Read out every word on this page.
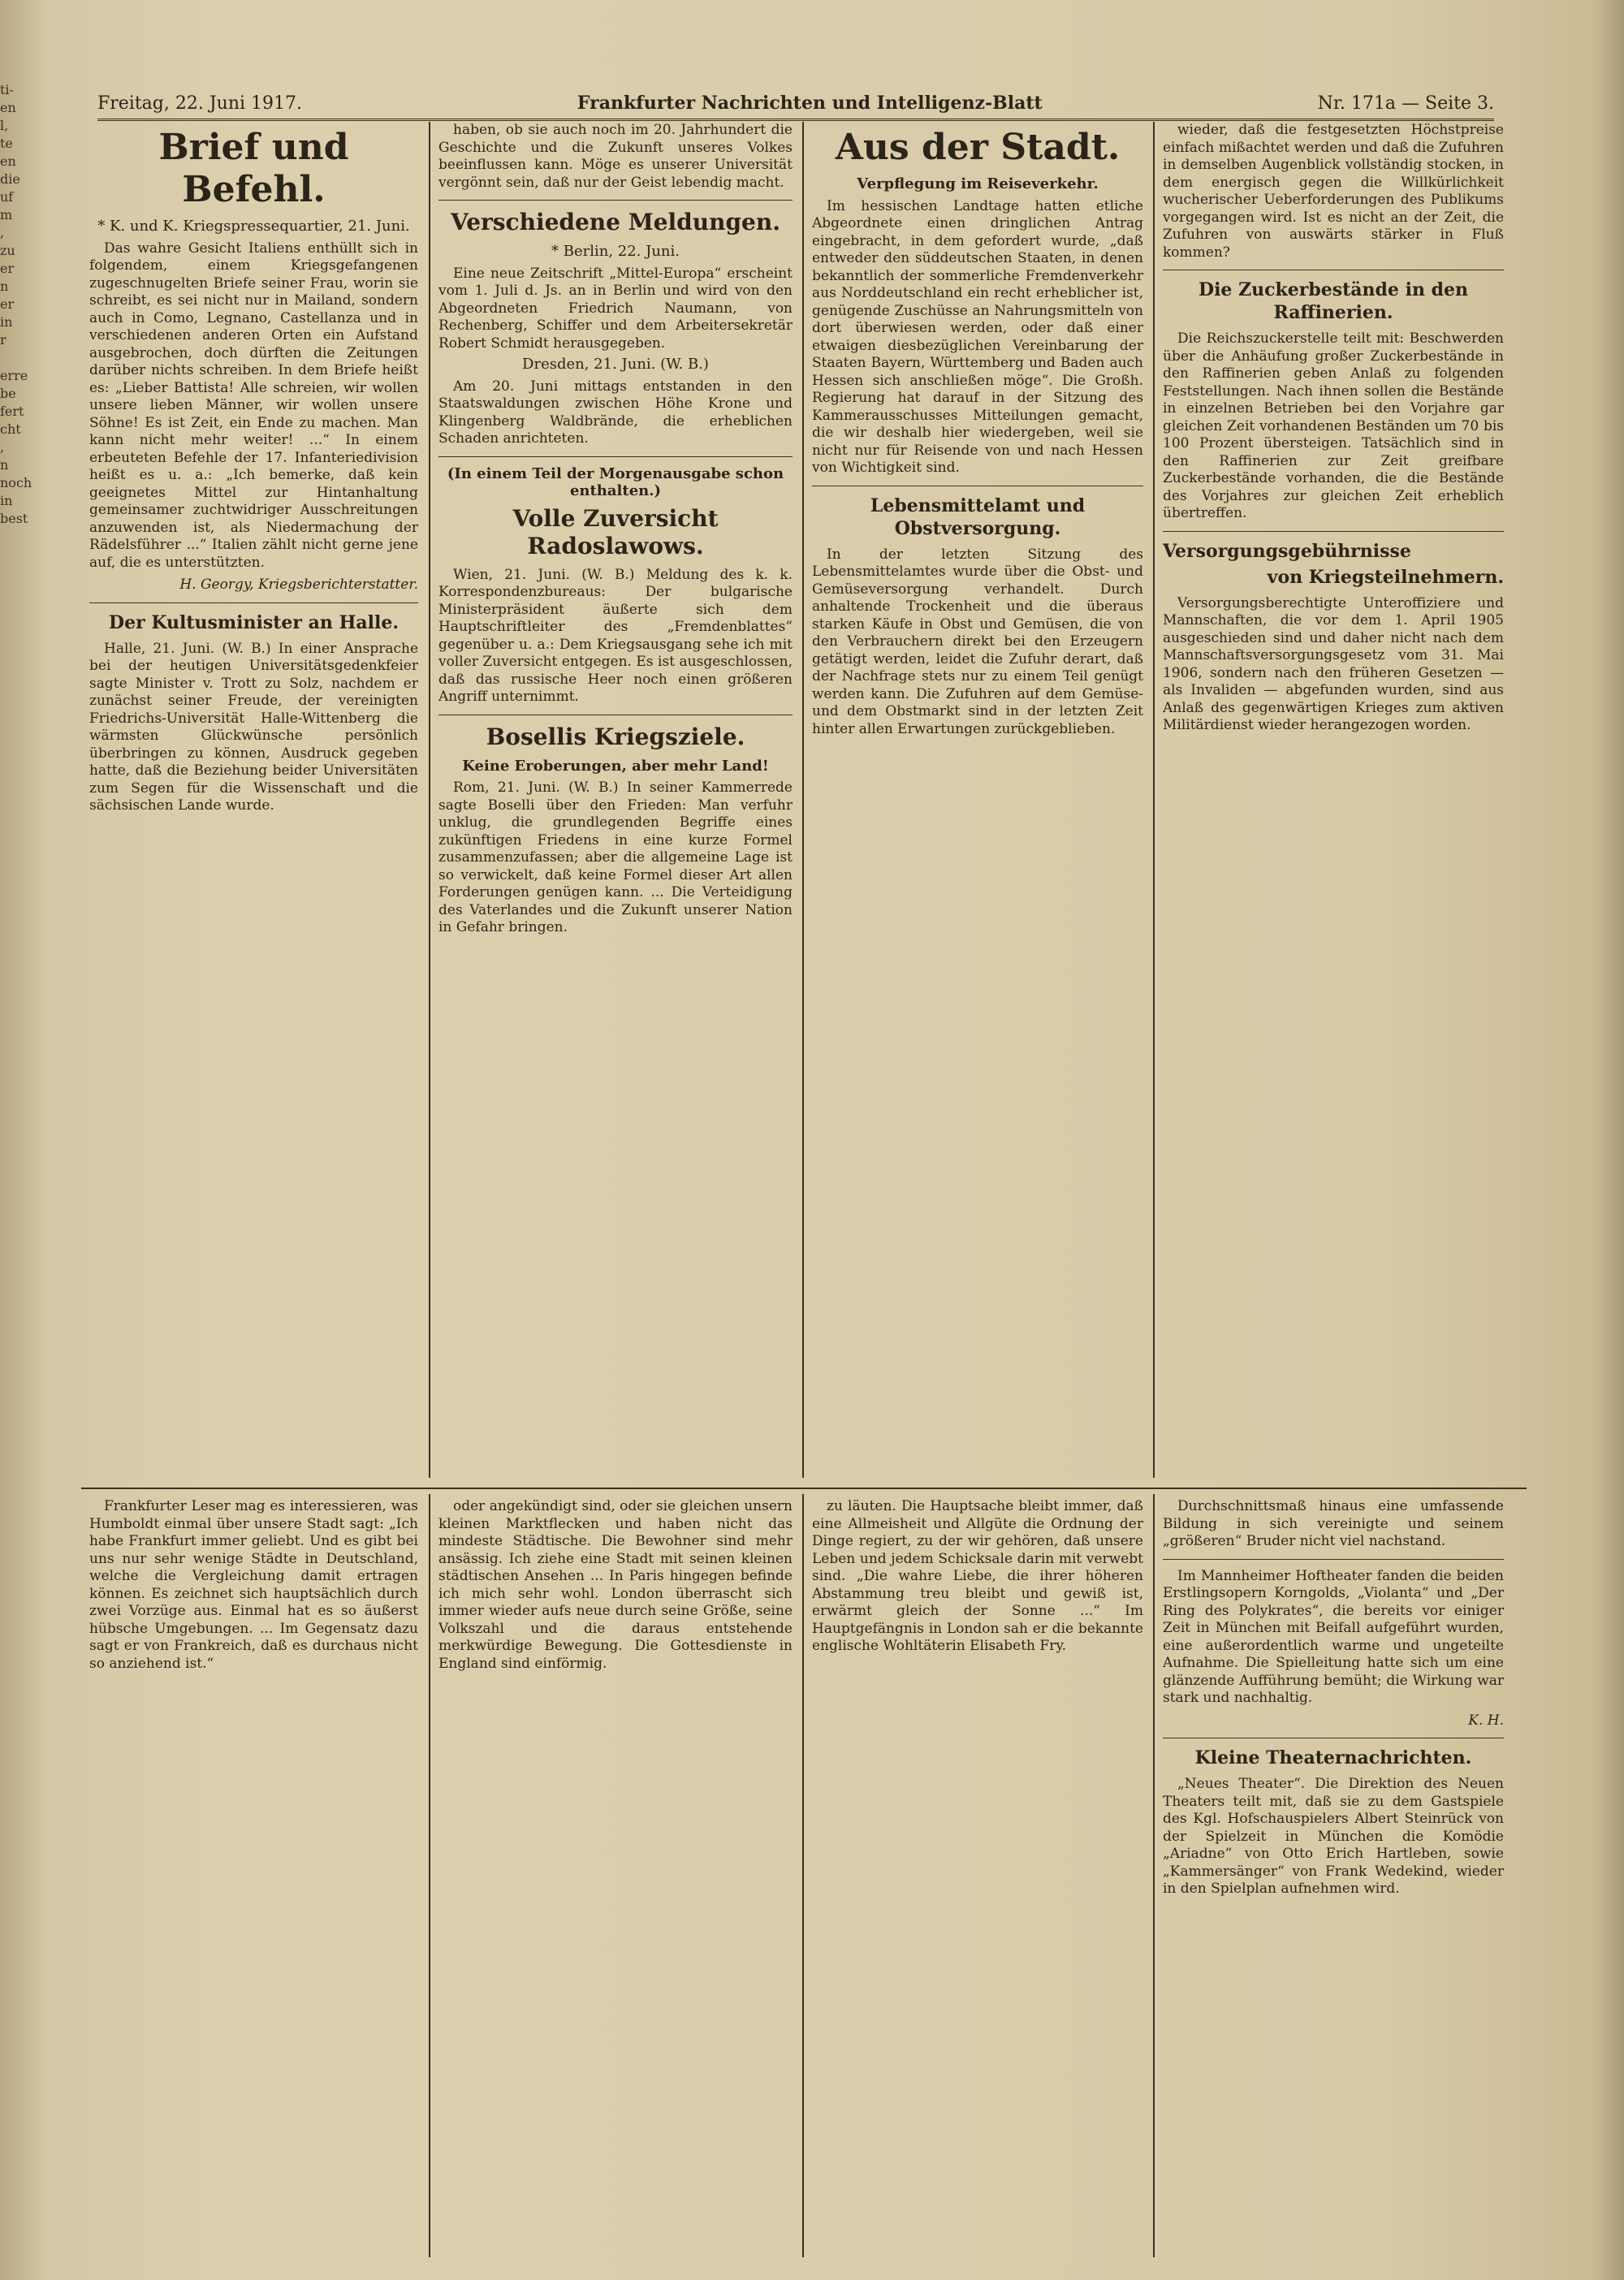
ti-
en
l,
te
en
die
uf
m
,
zu
er
n
er
in
r

erre
be
fert
cht
,
n
noch
in
best
Freitag, 22. Juni 1917.	Frankfurter Nachrichten und Intelligenz-Blatt	Nr. 171a — Seite 3.
Brief und Befehl.
* K. und K. Kriegspressequartier, 21. Juni.

Das wahre Gesicht Italiens enthüllt sich in folgendem, einem Kriegsgefangenen zugeschnugelten Briefe seiner Frau, worin sie schreibt, es sei nicht nur in Mailand, sondern auch in Como, Legnano, Castellanza und in verschiedenen anderen Orten ein Aufstand ausgebrochen, doch dürften die Zeitungen darüber nichts schreiben. In dem Briefe heißt es: „Lieber Battista! Alle schreien, wir wollen unsere lieben Männer, wir wollen unsere Söhne! Es ist Zeit, ein Ende zu machen. Man kann nicht mehr weiter! ...“ In einem erbeuteten Befehle der 17. Infanteriedivision heißt es u. a.: „Ich bemerke, daß kein geeignetes Mittel zur Hintanhaltung gemeinsamer zuchtwidriger Ausschreitungen anzuwenden ist, als Niedermachung der Rädelsführer ...“ Italien zählt nicht gerne jene auf, die es unterstützten.

H. Georgy, Kriegsberichterstatter.
Der Kultusminister an Halle.

Halle, 21. Juni. (W. B.) In einer Ansprache bei der heutigen Universitätsgedenkfeier sagte Minister v. Trott zu Solz, nachdem er zunächst seiner Freude, der vereinigten Friedrichs-Universität Halle-Wittenberg die wärmsten Glückwünsche persönlich überbringen zu können, Ausdruck gegeben hatte, daß die Beziehung beider Universitäten zum Segen für die Wissenschaft und die sächsischen Lande wurde.

haben, ob sie auch noch im 20. Jahrhundert die Geschichte und die Zukunft unseres Volkes beeinflussen kann. Möge es unserer Universität vergönnt sein, daß nur der Geist lebendig macht.

Verschiedene Meldungen.
* Berlin, 22. Juni.

Eine neue Zeitschrift „Mittel-Europa“ erscheint vom 1. Juli d. Js. an in Berlin und wird von den Abgeordneten Friedrich Naumann, von Rechenberg, Schiffer und dem Arbeitersekretär Robert Schmidt herausgegeben.

Dresden, 21. Juni. (W. B.)

Am 20. Juni mittags entstanden in den Staatswaldungen zwischen Höhe Krone und Klingenberg Waldbrände, die erheblichen Schaden anrichteten.

(In einem Teil der Morgenausgabe schon enthalten.)
Volle Zuversicht Radoslawows.

Wien, 21. Juni. (W. B.) Meldung des k. k. Korrespondenzbureaus: Der bulgarische Ministerpräsident äußerte sich dem Hauptschriftleiter des „Fremdenblattes“ gegenüber u. a.: Dem Kriegsausgang sehe ich mit voller Zuversicht entgegen. Es ist ausgeschlossen, daß das russische Heer noch einen größeren Angriff unternimmt.

Bosellis Kriegsziele.
Keine Eroberungen, aber mehr Land!

Rom, 21. Juni. (W. B.) In seiner Kammerrede sagte Boselli über den Frieden: Man verfuhr unklug, die grundlegenden Begriffe eines zukünftigen Friedens in eine kurze Formel zusammenzufassen; aber die allgemeine Lage ist so verwickelt, daß keine Formel dieser Art allen Forderungen genügen kann. ... Die Verteidigung des Vaterlandes und die Zukunft unserer Nation in Gefahr bringen.

Aus der Stadt.
Verpflegung im Reiseverkehr.

Im hessischen Landtage hatten etliche Abgeordnete einen dringlichen Antrag eingebracht, in dem gefordert wurde, „daß entweder den süddeutschen Staaten, in denen bekanntlich der sommerliche Fremdenverkehr aus Norddeutschland ein recht erheblicher ist, genügende Zuschüsse an Nahrungsmitteln von dort überwiesen werden, oder daß einer etwaigen diesbezüglichen Vereinbarung der Staaten Bayern, Württemberg und Baden auch Hessen sich anschließen möge“. Die Großh. Regierung hat darauf in der Sitzung des Kammerausschusses Mitteilungen gemacht, die wir deshalb hier wiedergeben, weil sie nicht nur für Reisende von und nach Hessen von Wichtigkeit sind.

Lebensmittelamt und Obstversorgung.

In der letzten Sitzung des Lebensmittelamtes wurde über die Obst- und Gemüseversorgung verhandelt. Durch anhaltende Trockenheit und die überaus starken Käufe in Obst und Gemüsen, die von den Verbrauchern direkt bei den Erzeugern getätigt werden, leidet die Zufuhr derart, daß der Nachfrage stets nur zu einem Teil genügt werden kann. Die Zufuhren auf dem Gemüse- und dem Obstmarkt sind in der letzten Zeit hinter allen Erwartungen zurückgeblieben.

wieder, daß die festgesetzten Höchstpreise einfach mißachtet werden und daß die Zufuhren in demselben Augenblick vollständig stocken, in dem energisch gegen die Willkürlichkeit wucherischer Ueberforderungen des Publikums vorgegangen wird. Ist es nicht an der Zeit, die Zufuhren von auswärts stärker in Fluß kommen?

Die Zuckerbestände in den Raffinerien.

Die Reichszuckerstelle teilt mit: Beschwerden über die Anhäufung großer Zuckerbestände in den Raffinerien geben Anlaß zu folgenden Feststellungen. Nach ihnen sollen die Bestände in einzelnen Betrieben bei den Vorjahre gar gleichen Zeit vorhandenen Beständen um 70 bis 100 Prozent übersteigen. Tatsächlich sind in den Raffinerien zur Zeit greifbare Zuckerbestände vorhanden, die die Bestände des Vorjahres zur gleichen Zeit erheblich übertreffen.

Versorgungsgebührnisse
von Kriegsteilnehmern.

Versorgungsberechtigte Unteroffiziere und Mannschaften, die vor dem 1. April 1905 ausgeschieden sind und daher nicht nach dem Mannschaftsversorgungsgesetz vom 31. Mai 1906, sondern nach den früheren Gesetzen — als Invaliden — abgefunden wurden, sind aus Anlaß des gegenwärtigen Krieges zum aktiven Militärdienst wieder herangezogen worden.

Frankfurter Leser mag es interessieren, was Humboldt einmal über unsere Stadt sagt: „Ich habe Frankfurt immer geliebt. Und es gibt bei uns nur sehr wenige Städte in Deutschland, welche die Vergleichung damit ertragen können. Es zeichnet sich hauptsächlich durch zwei Vorzüge aus. Einmal hat es so äußerst hübsche Umgebungen. ... Im Gegensatz dazu sagt er von Frankreich, daß es durchaus nicht so anziehend ist.“

oder angekündigt sind, oder sie gleichen unsern kleinen Marktflecken und haben nicht das mindeste Städtische. Die Bewohner sind mehr ansässig. Ich ziehe eine Stadt mit seinen kleinen städtischen Ansehen ... In Paris hingegen befinde ich mich sehr wohl. London überrascht sich immer wieder aufs neue durch seine Größe, seine Volkszahl und die daraus entstehende merkwürdige Bewegung. Die Gottesdienste in England sind einförmig.

zu läuten. Die Hauptsache bleibt immer, daß eine Allmeisheit und Allgüte die Ordnung der Dinge regiert, zu der wir gehören, daß unsere Leben und jedem Schicksale darin mit verwebt sind. „Die wahre Liebe, die ihrer höheren Abstammung treu bleibt und gewiß ist, erwärmt gleich der Sonne ...“ Im Hauptgefängnis in London sah er die bekannte englische Wohltäterin Elisabeth Fry.

Durchschnittsmaß hinaus eine umfassende Bildung in sich vereinigte und seinem „größeren“ Bruder nicht viel nachstand.

Im Mannheimer Hoftheater fanden die beiden Erstlingsopern Korngolds, „Violanta“ und „Der Ring des Polykrates“, die bereits vor einiger Zeit in München mit Beifall aufgeführt wurden, eine außerordentlich warme und ungeteilte Aufnahme. Die Spielleitung hatte sich um eine glänzende Aufführung bemüht; die Wirkung war stark und nachhaltig.

K. H.
Kleine Theaternachrichten.

„Neues Theater“. Die Direktion des Neuen Theaters teilt mit, daß sie zu dem Gastspiele des Kgl. Hofschauspielers Albert Steinrück von der Spielzeit in München die Komödie „Ariadne“ von Otto Erich Hartleben, sowie „Kammersänger“ von Frank Wedekind, wieder in den Spielplan aufnehmen wird.
